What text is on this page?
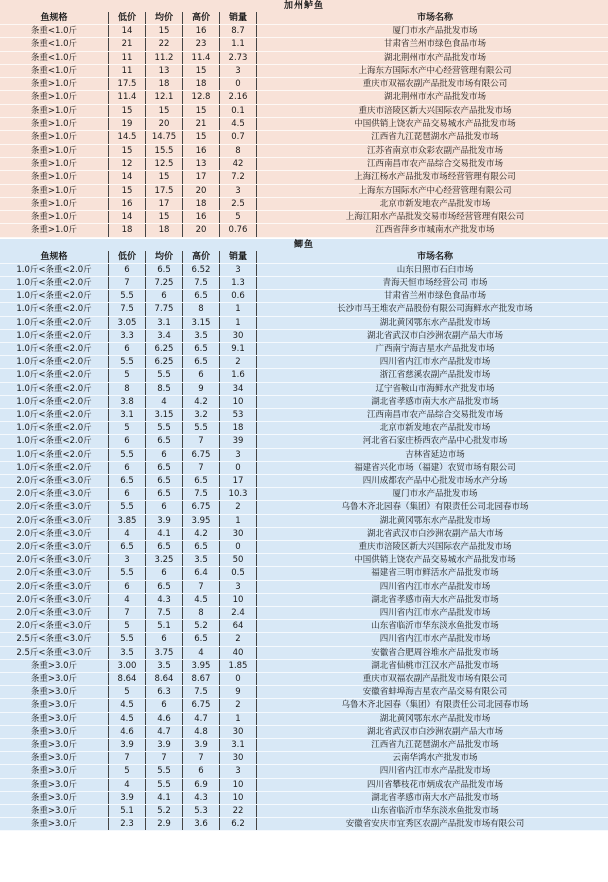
加州鲈鱼
鱼规格	低价	均价	高价	销量	市场名称
条重<1.0斤	14	15	16	8.7	厦门市水产品批发市场
条重<1.0斤	21	22	23	1.1	甘肃省兰州市绿色食品市场
条重<1.0斤	11	11.2	11.4	2.73	湖北荆州市水产品批发市场
条重<1.0斤	11	13	15	3	上海东方国际水产中心经营管理有限公司
条重>1.0斤	17.5	18	18	0	重庆市双福农副产品批发市场有限公司
条重>1.0斤	11.4	12.1	12.8	2.16	湖北荆州市水产品批发市场
条重>1.0斤	15	15	15	0.1	重庆市涪陵区新大兴国际农产品批发市场
条重>1.0斤	19	20	21	4.5	中国供销上饶农产品交易城水产品批发市场
条重>1.0斤	14.5	14.75	15	0.7	江西省九江琵琶湖水产品批发市场
条重>1.0斤	15	15.5	16	8	江苏省南京市众彩农副产品批发市场
条重>1.0斤	12	12.5	13	42	江西南昌市农产品综合交易批发市场
条重>1.0斤	14	15	17	7.2	上海江杨水产品批发市场经营管理有限公司
条重>1.0斤	15	17.5	20	3	上海东方国际水产中心经营管理有限公司
条重>1.0斤	16	17	18	2.5	北京市新发地农产品批发市场
条重>1.0斤	14	15	16	5	上海江阳水产品批发交易市场经营管理有限公司
条重>1.0斤	18	18	20	0.76	江西省萍乡市城南水产批发市场
鲫鱼
鱼规格	低价	均价	高价	销量	市场名称
1.0斤<条重<2.0斤	6	6.5	6.52	3	山东日照市石臼市场
1.0斤<条重<2.0斤	7	7.25	7.5	1.3	青海天恒市场经营公司 市场
1.0斤<条重<2.0斤	5.5	6	6.5	0.6	甘肃省兰州市绿色食品市场
1.0斤<条重<2.0斤	7.5	7.75	8	1	长沙市马王堆农产品股份有限公司海鲜水产批发市场
1.0斤<条重<2.0斤	3.05	3.1	3.15	1	湖北黄冈鄂东水产品批发市场
1.0斤<条重<2.0斤	3.3	3.4	3.5	30	湖北省武汉市白沙洲农副产品大市场
1.0斤<条重<2.0斤	6	6.25	6.5	9.1	广西南宁海吉星水产品批发市场
1.0斤<条重<2.0斤	5.5	6.25	6.5	2	四川省内江市水产品批发市场
1.0斤<条重<2.0斤	5	5.5	6	1.6	浙江省慈溪农副产品批发市场
1.0斤<条重<2.0斤	8	8.5	9	34	辽宁省鞍山市海鲜水产批发市场
1.0斤<条重<2.0斤	3.8	4	4.2	10	湖北省孝感市南大水产品批发市场
1.0斤<条重<2.0斤	3.1	3.15	3.2	53	江西南昌市农产品综合交易批发市场
1.0斤<条重<2.0斤	5	5.5	5.5	18	北京市新发地农产品批发市场
1.0斤<条重<2.0斤	6	6.5	7	39	河北省石家庄桥西农产品中心批发市场
1.0斤<条重<2.0斤	5.5	6	6.75	3	吉林省延边市场
1.0斤<条重<2.0斤	6	6.5	7	0	福建省兴化市场（福建）农贸市场有限公司
2.0斤<条重<3.0斤	6.5	6.5	6.5	17	四川成都农产品中心批发市场水产分场
2.0斤<条重<3.0斤	6	6.5	7.5	10.3	厦门市水产品批发市场
2.0斤<条重<3.0斤	5.5	6	6.75	2	乌鲁木齐北园春（集团）有限责任公司北园春市场
2.0斤<条重<3.0斤	3.85	3.9	3.95	1	湖北黄冈鄂东水产品批发市场
2.0斤<条重<3.0斤	4	4.1	4.2	30	湖北省武汉市白沙洲农副产品大市场
2.0斤<条重<3.0斤	6.5	6.5	6.5	0	重庆市涪陵区新大兴国际农产品批发市场
2.0斤<条重<3.0斤	3	3.25	3.5	50	中国供销上饶农产品交易城水产品批发市场
2.0斤<条重<3.0斤	5.5	6	6.4	0.5	福建省三明市鲜活水产品批发市场
2.0斤<条重<3.0斤	6	6.5	7	3	四川省内江市水产品批发市场
2.0斤<条重<3.0斤	4	4.3	4.5	10	湖北省孝感市南大水产品批发市场
2.0斤<条重<3.0斤	7	7.5	8	2.4	四川省内江市水产品批发市场
2.0斤<条重<3.0斤	5	5.1	5.2	64	山东省临沂市华东淡水鱼批发市场
2.5斤<条重<3.0斤	5.5	6	6.5	2	四川省内江市水产品批发市场
2.5斤<条重<3.0斤	3.5	3.75	4	40	安徽省合肥周谷堆水产品批发市场
条重>3.0斤	3.00	3.5	3.95	1.85	湖北省仙桃市江汉水产品批发市场
条重>3.0斤	8.64	8.64	8.67	0	重庆市双福农副产品批发市场有限公司
条重>3.0斤	5	6.3	7.5	9	安徽省蚌埠海吉星农产品交易有限公司
条重>3.0斤	4.5	6	6.75	2	乌鲁木齐北园春（集团）有限责任公司北园春市场
条重>3.0斤	4.5	4.6	4.7	1	湖北黄冈鄂东水产品批发市场
条重>3.0斤	4.6	4.7	4.8	30	湖北省武汉市白沙洲农副产品大市场
条重>3.0斤	3.9	3.9	3.9	3.1	江西省九江琵琶湖水产品批发市场
条重>3.0斤	7	7	7	30	云南华鸿水产批发市场
条重>3.0斤	5	5.5	6	3	四川省内江市水产品批发市场
条重>3.0斤	4	5.5	6.9	10	四川省攀枝花市炳成农产品批发市场
条重>3.0斤	3.9	4.1	4.3	10	湖北省孝感市南大水产品批发市场
条重>3.0斤	5.1	5.2	5.3	22	山东省临沂市华东淡水鱼批发市场
条重>3.0斤	2.3	2.9	3.6	6.2	安徽省安庆市宜秀区农副产品批发市场有限公司
